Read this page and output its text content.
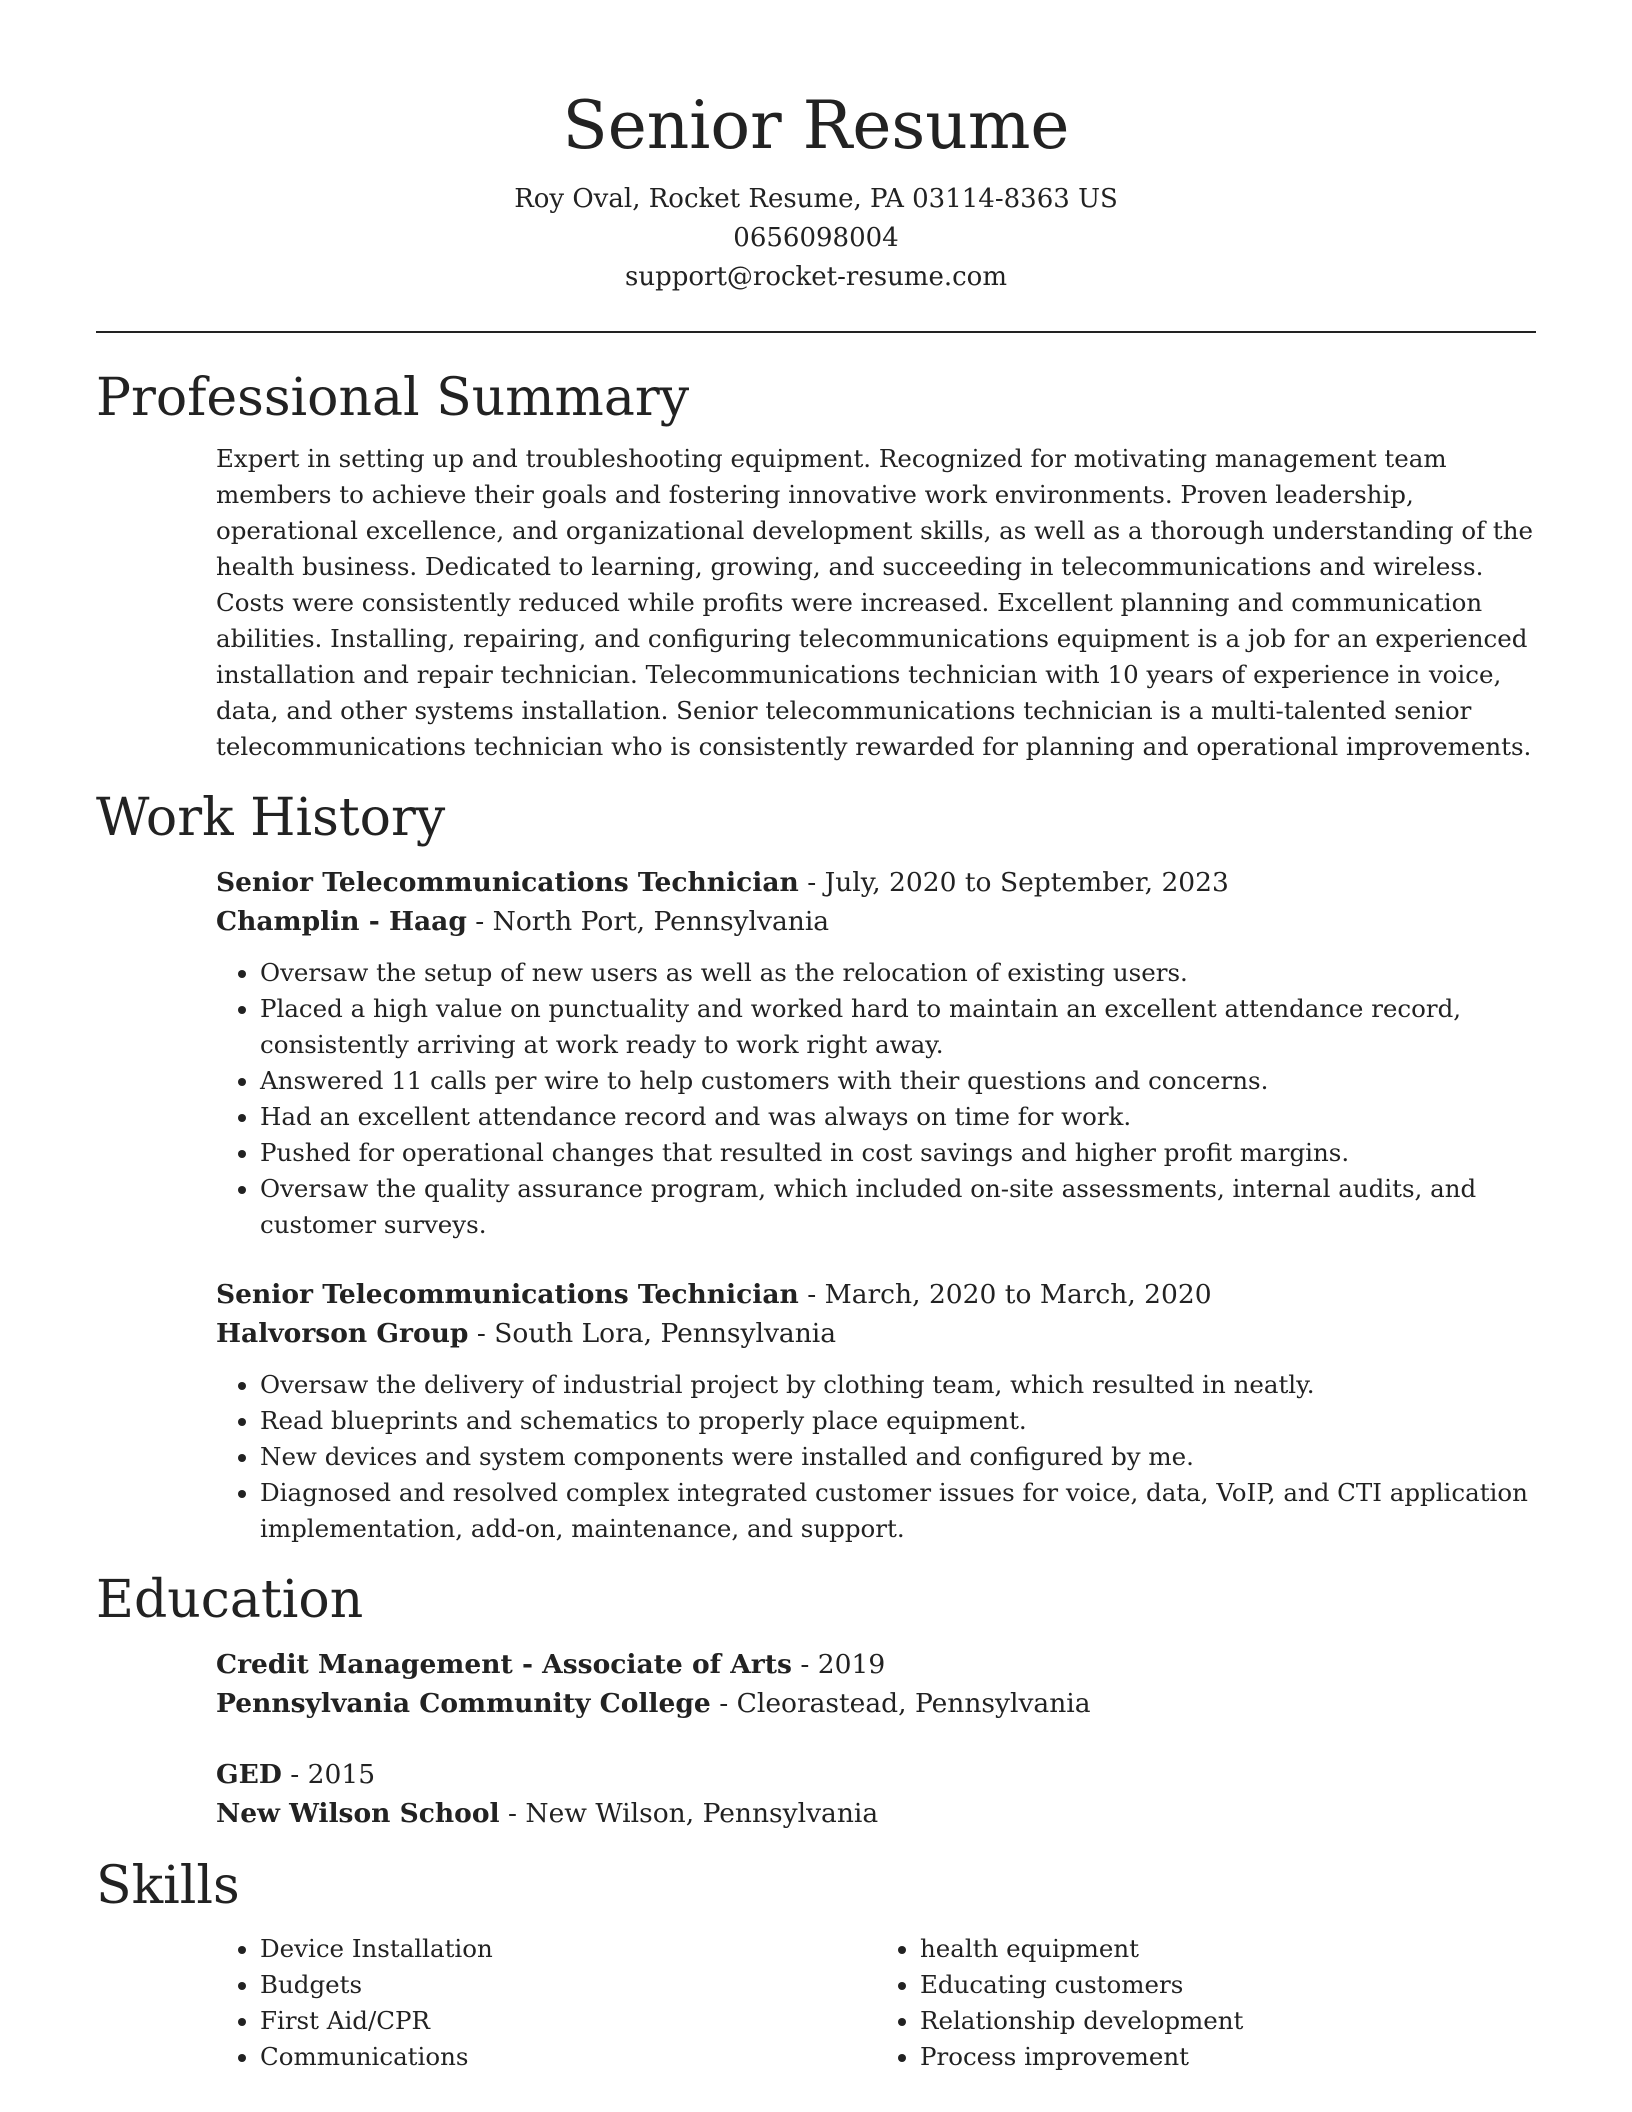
Senior Resume
Roy Oval, Rocket Resume, PA 03114-8363 US
0656098004
support@rocket-resume.com
Professional Summary

Expert in setting up and troubleshooting equipment. Recognized for motivating management team members to achieve their goals and fostering innovative work environments. Proven leadership, operational excellence, and organizational development skills, as well as a thorough understanding of the health business. Dedicated to learning, growing, and succeeding in telecommunications and wireless. Costs were consistently reduced while profits were increased. Excellent planning and communication abilities. Installing, repairing, and configuring telecommunications equipment is a job for an experienced installation and repair technician. Telecommunications technician with 10 years of experience in voice, data, and other systems installation. Senior telecommunications technician is a multi-talented senior telecommunications technician who is consistently rewarded for planning and operational improvements.

Work History
Senior Telecommunications Technician - July, 2020 to September, 2023
Champlin - Haag - North Port, Pennsylvania
• Oversaw the setup of new users as well as the relocation of existing users.
• Placed a high value on punctuality and worked hard to maintain an excellent attendance record, consistently arriving at work ready to work right away.
• Answered 11 calls per wire to help customers with their questions and concerns.
• Had an excellent attendance record and was always on time for work.
• Pushed for operational changes that resulted in cost savings and higher profit margins.
• Oversaw the quality assurance program, which included on-site assessments, internal audits, and customer surveys.
Senior Telecommunications Technician - March, 2020 to March, 2020
Halvorson Group - South Lora, Pennsylvania
• Oversaw the delivery of industrial project by clothing team, which resulted in neatly.
• Read blueprints and schematics to properly place equipment.
• New devices and system components were installed and configured by me.
• Diagnosed and resolved complex integrated customer issues for voice, data, VoIP, and CTI application implementation, add-on, maintenance, and support.
Education
Credit Management - Associate of Arts - 2019
Pennsylvania Community College - Cleorastead, Pennsylvania
GED - 2015
New Wilson School - New Wilson, Pennsylvania
Skills
• Device Installation
• Budgets
• First Aid/CPR
• Communications
• health equipment
• Educating customers
• Relationship development
• Process improvement
